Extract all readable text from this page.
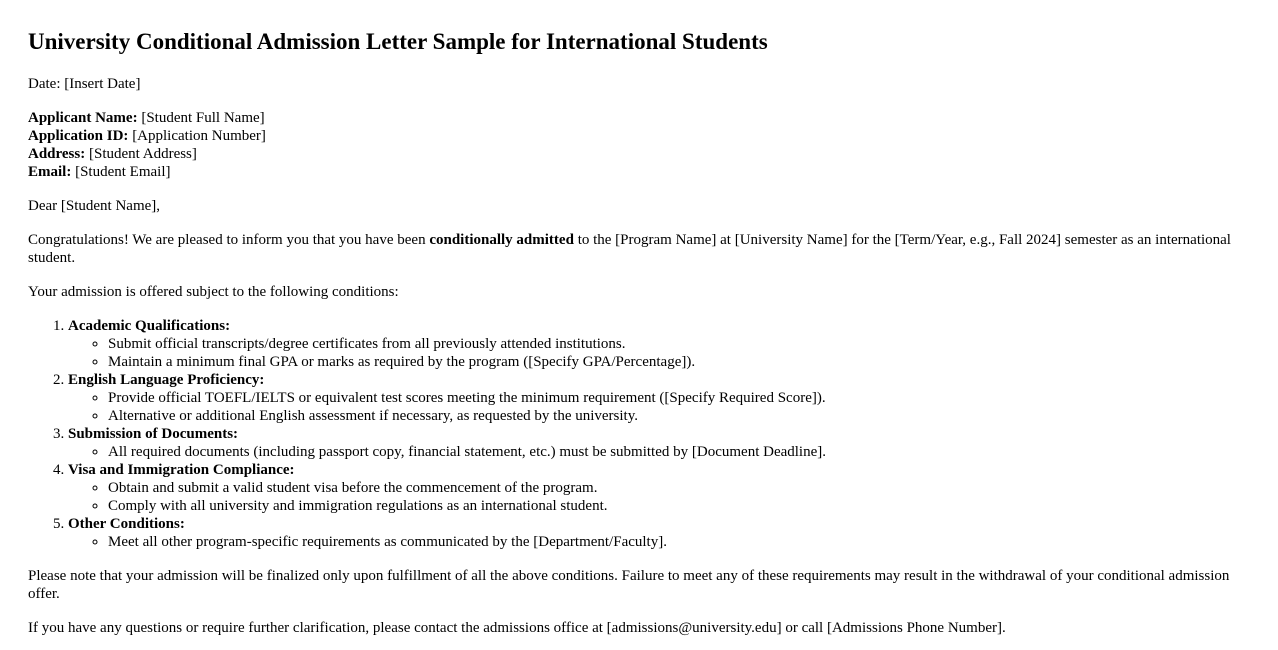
University Conditional Admission Letter Sample for International Students

Date: [Insert Date]

Applicant Name: [Student Full Name]
Application ID: [Application Number]
Address: [Student Address]
Email: [Student Email]

Dear [Student Name],

Congratulations! We are pleased to inform you that you have been conditionally admitted to the [Program Name] at [University Name] for the [Term/Year, e.g., Fall 2024] semester as an international student.

Your admission is offered subject to the following conditions:

1. Academic Qualifications:
◦ Submit official transcripts/degree certificates from all previously attended institutions.
◦ Maintain a minimum final GPA or marks as required by the program ([Specify GPA/Percentage]).
2. English Language Proficiency:
◦ Provide official TOEFL/IELTS or equivalent test scores meeting the minimum requirement ([Specify Required Score]).
◦ Alternative or additional English assessment if necessary, as requested by the university.
3. Submission of Documents:
◦ All required documents (including passport copy, financial statement, etc.) must be submitted by [Document Deadline].
4. Visa and Immigration Compliance:
◦ Obtain and submit a valid student visa before the commencement of the program.
◦ Comply with all university and immigration regulations as an international student.
5. Other Conditions:
◦ Meet all other program-specific requirements as communicated by the [Department/Faculty].

Please note that your admission will be finalized only upon fulfillment of all the above conditions. Failure to meet any of these requirements may result in the withdrawal of your conditional admission offer.

If you have any questions or require further clarification, please contact the admissions office at [admissions@university.edu] or call [Admissions Phone Number].
